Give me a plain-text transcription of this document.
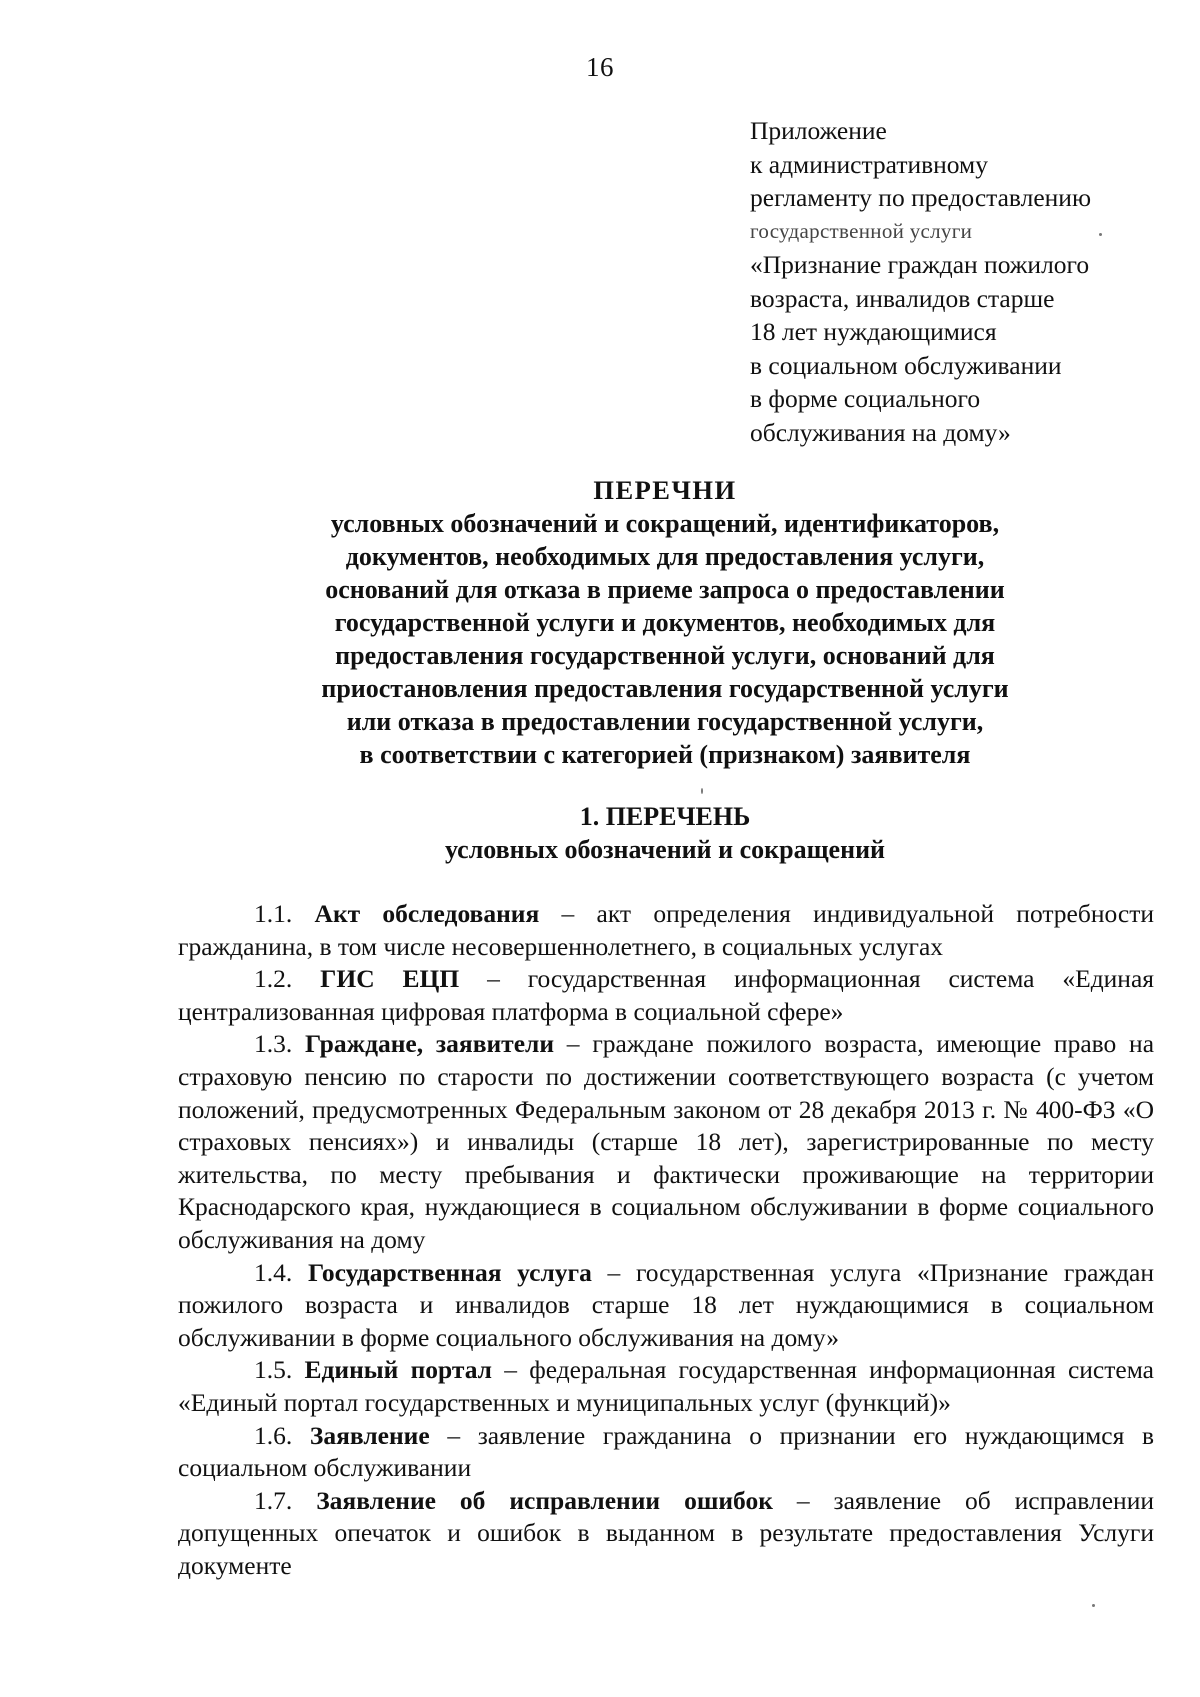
16
Приложение
к административному
регламенту по предоставлению
государственной услуги
«Признание граждан пожилого
возраста, инвалидов старше
18 лет нуждающимися
в социальном обслуживании
в форме социального
обслуживания на дому»
ПЕРЕЧНИ
условных обозначений и сокращений, идентификаторов,
документов, необходимых для предоставления услуги,
оснований для отказа в приеме запроса о предоставлении
государственной услуги и документов, необходимых для
предоставления государственной услуги, оснований для
приостановления предоставления государственной услуги
или отказа в предоставлении государственной услуги,
в соответствии с категорией (признаком) заявителя
1. ПЕРЕЧЕНЬ
условных обозначений и сокращений

1.1. Акт обследования – акт определения индивидуальной потребности гражданина, в том числе несовершеннолетнего, в социальных услугах

1.2. ГИС ЕЦП – государственная информационная система «Единая централизованная цифровая платформа в социальной сфере»

1.3. Граждане, заявители – граждане пожилого возраста, имеющие право на страховую пенсию по старости по достижении соответствующего возраста (с учетом положений, предусмотренных Федеральным законом от 28 декабря 2013 г. № 400-ФЗ «О страховых пенсиях») и инвалиды (старше 18 лет), зарегистрированные по месту жительства, по месту пребывания и фактически проживающие на территории Краснодарского края, нуждающиеся в социальном обслуживании в форме социального обслуживания на дому

1.4. Государственная услуга – государственная услуга «Признание граждан пожилого возраста и инвалидов старше 18 лет нуждающимися в социальном обслуживании в форме социального обслуживания на дому»

1.5. Единый портал – федеральная государственная информационная система «Единый портал государственных и муниципальных услуг (функций)»

1.6. Заявление – заявление гражданина о признании его нуждающимся в социальном обслуживании

1.7. Заявление об исправлении ошибок – заявление об исправлении допущенных опечаток и ошибок в выданном в результате предоставления Услуги документе
